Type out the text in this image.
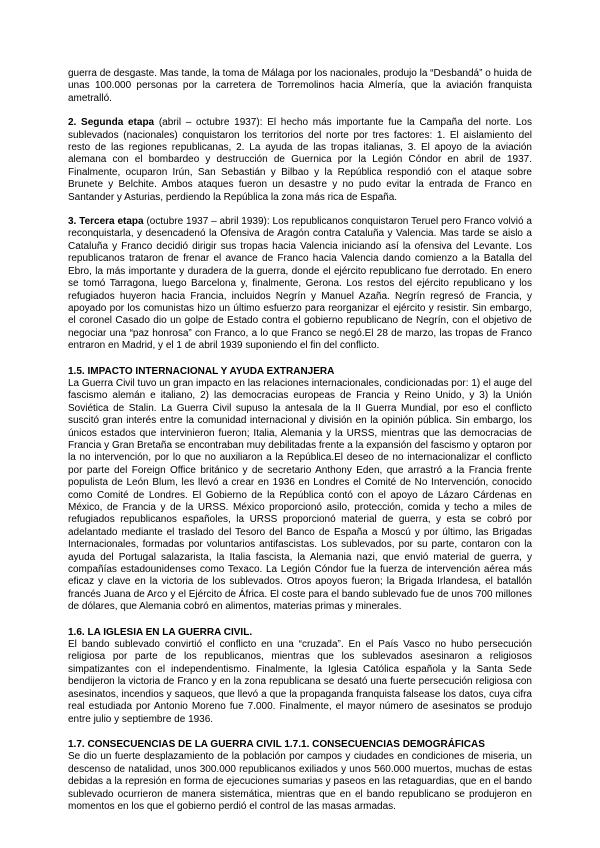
guerra de desgaste. Mas tande, la toma de Málaga por los nacionales, produjo la “Desbandá” o huida de unas 100.000 personas por la carretera de Torremolinos hacia Almería, que la aviación franquista ametralló.

2. Segunda etapa (abril – octubre 1937): El hecho más importante fue la Campaña del norte. Los sublevados (nacionales) conquistaron los territorios del norte por tres factores: 1. El aislamiento del resto de las regiones republicanas, 2. La ayuda de las tropas italianas, 3. El apoyo de la aviación alemana con el bombardeo y destrucción de Guernica por la Legión Cóndor en abril de 1937. Finalmente, ocuparon Irún, San Sebastián y Bilbao y la República respondió con el ataque sobre Brunete y Belchite. Ambos ataques fueron un desastre y no pudo evitar la entrada de Franco en Santander y Asturias, perdiendo la República la zona más rica de España.

3. Tercera etapa (octubre 1937 – abril 1939): Los republicanos conquistaron Teruel pero Franco volvió a reconquistarla, y desencadenó la Ofensiva de Aragón contra Cataluña y Valencia. Mas tarde se aislo a Cataluña y Franco decidió dirigir sus tropas hacia Valencia iniciando así la ofensiva del Levante. Los republicanos trataron de frenar el avance de Franco hacia Valencia dando comienzo a la Batalla del Ebro, la más importante y duradera de la guerra, donde el ejército republicano fue derrotado. En enero se tomó Tarragona, luego Barcelona y, finalmente, Gerona. Los restos del ejército republicano y los refugiados huyeron hacia Francia, incluidos Negrín y Manuel Azaña. Negrín regresó de Francia, y apoyado por los comunistas hizo un último esfuerzo para reorganizar el ejército y resistir. Sin embargo, el coronel Casado dio un golpe de Estado contra el gobierno republicano de Negrín, con el objetivo de negociar una “paz honrosa” con Franco, a lo que Franco se negó.El 28 de marzo, las tropas de Franco entraron en Madrid, y el 1 de abril 1939 suponiendo el fin del conflicto.

1.5. IMPACTO INTERNACIONAL Y AYUDA EXTRANJERA

La Guerra Civil tuvo un gran impacto en las relaciones internacionales, condicionadas por: 1) el auge del fascismo alemán e italiano, 2) las democracias europeas de Francia y Reino Unido, y 3) la Unión Soviética de Stalin. La Guerra Civil supuso la antesala de la II Guerra Mundial, por eso el conflicto suscitó gran interés entre la comunidad internacional y división en la opinión pública. Sin embargo, los únicos estados que intervinieron fueron; Italia, Alemania y la URSS, mientras que las democracias de Francia y Gran Bretaña se encontraban muy debilitadas frente a la expansión del fascismo y optaron por la no intervención, por lo que no auxiliaron a la República.El deseo de no internacionalizar el conflicto por parte del Foreign Office británico y de secretario Anthony Eden, que arrastró a la Francia frente populista de León Blum, les llevó a crear en 1936 en Londres el Comité de No Intervención, conocido como Comité de Londres. El Gobierno de la República contó con el apoyo de Lázaro Cárdenas en México, de Francia y de la URSS. México proporcionó asilo, protección, comida y techo a miles de refugiados republicanos españoles, la URSS proporcionó material de guerra, y esta se cobró por adelantado mediante el traslado del Tesoro del Banco de España a Moscú y por último, las Brigadas Internacionales, formadas por voluntarios antifascistas. Los sublevados, por su parte, contaron con la ayuda del Portugal salazarista, la Italia fascista, la Alemania nazi, que envió material de guerra, y compañías estadounidenses como Texaco. La Legión Cóndor fue la fuerza de intervención aérea más eficaz y clave en la victoria de los sublevados. Otros apoyos fueron; la Brigada Irlandesa, el batallón francés Juana de Arco y el Ejército de África. El coste para el bando sublevado fue de unos 700 millones de dólares, que Alemania cobró en alimentos, materias primas y minerales.

1.6. LA IGLESIA EN LA GUERRA CIVIL.

El bando sublevado convirtió el conflicto en una “cruzada”. En el País Vasco no hubo persecución religiosa por parte de los republicanos, mientras que los sublevados asesinaron a religiosos simpatizantes con el independentismo. Finalmente, la Iglesia Católica española y la Santa Sede bendijeron la victoria de Franco y en la zona republicana se desató una fuerte persecución religiosa con asesinatos, incendios y saqueos, que llevó a que la propaganda franquista falsease los datos, cuya cifra real estudiada por Antonio Moreno fue 7.000. Finalmente, el mayor número de asesinatos se produjo entre julio y septiembre de 1936.

1.7. CONSECUENCIAS DE LA GUERRA CIVIL 1.7.1. CONSECUENCIAS DEMOGRÁFICAS

Se dio un fuerte desplazamiento de la población por campos y ciudades en condiciones de miseria, un descenso de natalidad, unos 300.000 republicanos exiliados y unos 560.000 muertos, muchas de estas debidas a la represión en forma de ejecuciones sumarias y paseos en las retaguardias, que en el bando sublevado ocurrieron de manera sistemática, mientras que en el bando republicano se produjeron en momentos en los que el gobierno perdió el control de las masas armadas.
